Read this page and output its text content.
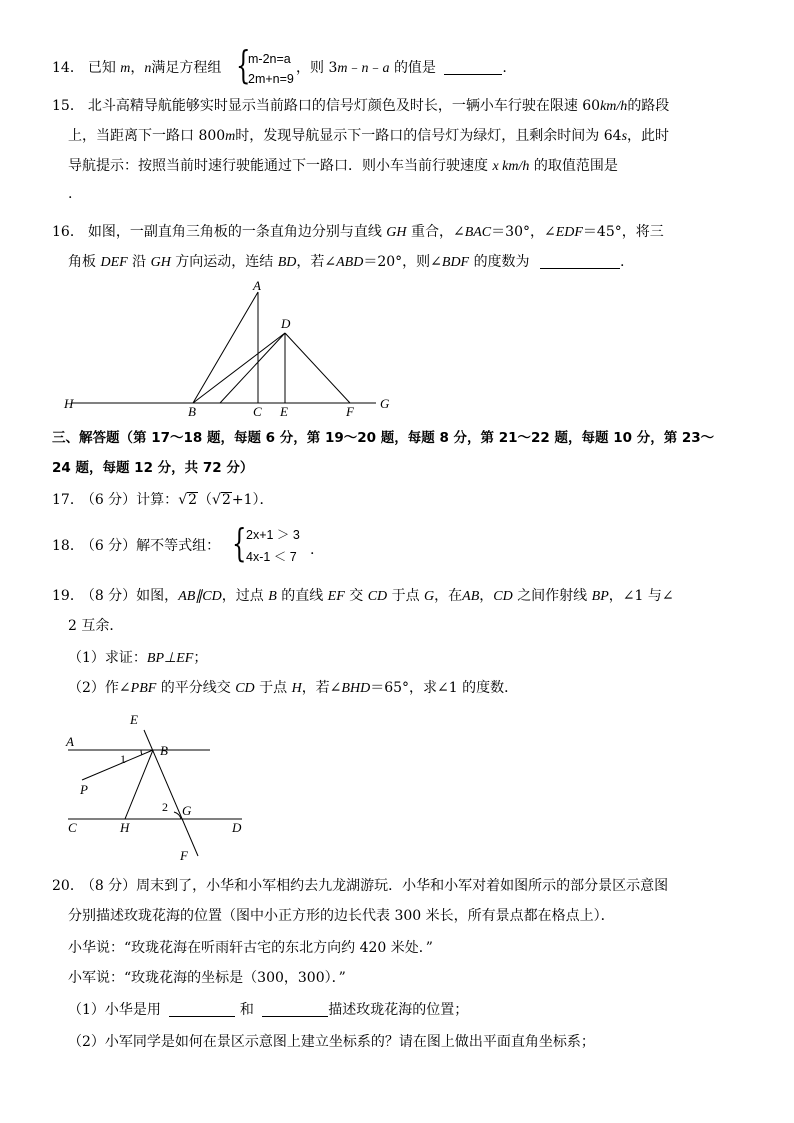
14． 已知 m，n满足方程组 {
m-2n=a
2m+n=9
，则 3m﹣n﹣a 的值是	.
15． 北斗高精导航能够实时显示当前路口的信号灯颜色及时长，一辆小车行驶在限速 60km/h的路段
上，当距离下一路口 800m时，发现导航显示下一路口的信号灯为绿灯，且剩余时间为 64s，此时
导航提示：按照当前时速行驶能通过下一路口．则小车当前行驶速度 x km/h 的取值范围是
.
16． 如图，一副直角三角板的一条直角边分别与直线 GH 重合，∠BAC＝30°，∠EDF＝45°，将三
角板 DEF 沿 GH 方向运动，连结 BD，若∠ABD＝20°，则∠BDF 的度数为	.
A
D
H
B	C E	F
G
三、解答题（第 17～18 题，每题 6 分，第 19～20 题，每题 8 分，第 21～22 题，每题 10 分，第 23～
24 题，每题 12 分，共 72 分）
17． （6 分）计算：√2（√2+1）．
18． （6 分）解不等式组： { 2x+1 ＞ 3
4x-1 ＜ 7 .
19． （8 分）如图，AB∥CD，过点 B 的直线 EF 交 CD 于点 G，在AB，CD 之间作射线 BP，∠1 与∠
2 互余．
（1）求证：BP⊥EF；
（2）作∠PBF 的平分线交 CD 于点 H，若∠BHD＝65°，求∠1 的度数．
E
A
B
1
P
2 G
C	H	D
F
20． （8 分）周末到了，小华和小军相约去九龙湖游玩．小华和小军对着如图所示的部分景区示意图
分别描述玫珑花海的位置（图中小正方形的边长代表 300 米长，所有景点都在格点上）．
小华说：“玫珑花海在听雨轩古宅的东北方向约 420 米处．”
小军说：“玫珑花海的坐标是（300，300）．”
（1）小华是用	和	描述玫珑花海的位置；
（2）小军同学是如何在景区示意图上建立坐标系的？请在图上做出平面直角坐标系；
